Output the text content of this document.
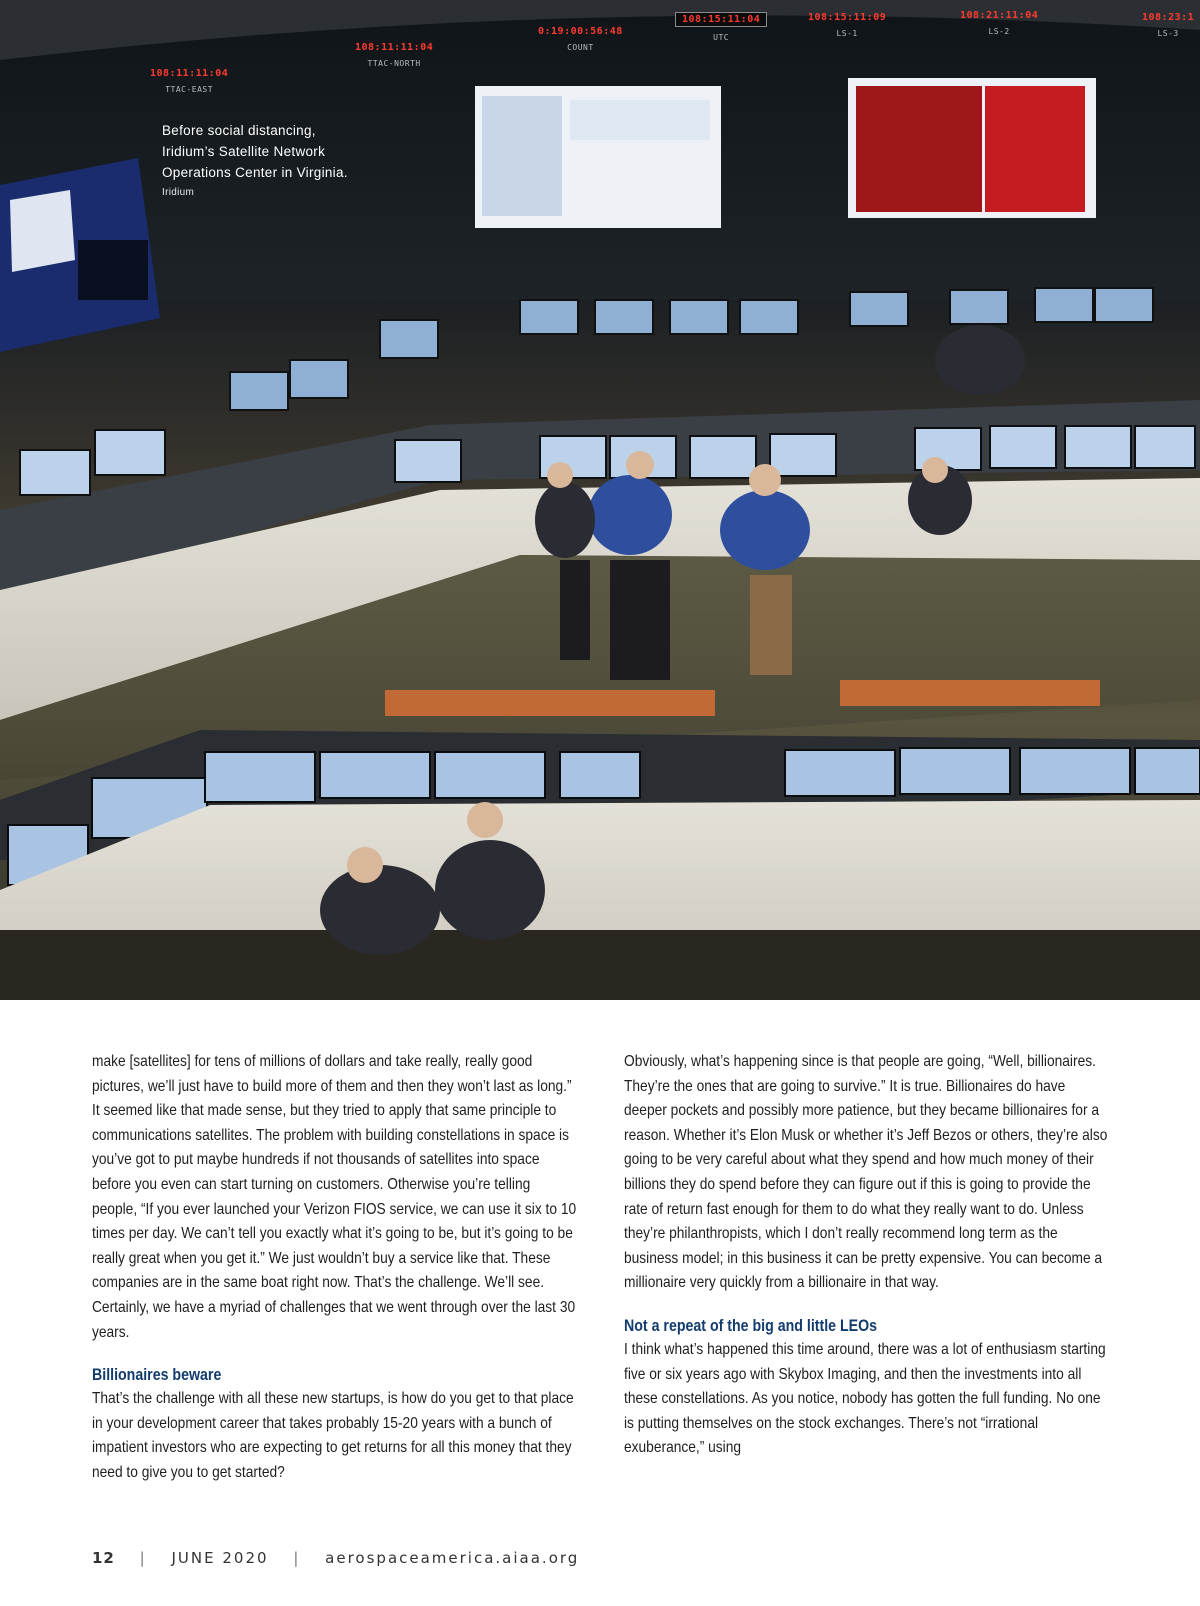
108:11:11:04
TTAC-EAST
108:11:11:04
TTAC-NORTH
0:19:00:56:48
COUNT
108:15:11:04
UTC
108:15:11:09
LS-1
108:21:11:04
LS-2
108:23:1
LS-3
Before social distancing, Iridium’s Satellite Network Operations Center in Virginia.
Iridium

make [satellites] for tens of millions of dollars and take really, really good pictures, we’ll just have to build more of them and then they won’t last as long.” It seemed like that made sense, but they tried to apply that same principle to communications satellites. The problem with building constellations in space is you’ve got to put maybe hundreds if not thousands of satellites into space before you even can start turning on customers. Otherwise you’re telling people, “If you ever launched your Verizon FIOS service, we can use it six to 10 times per day. We can’t tell you exactly what it’s going to be, but it’s going to be really great when you get it.” We just wouldn’t buy a service like that. These companies are in the same boat right now. That’s the challenge. We’ll see. Certainly, we have a myriad of challenges that we went through over the last 30 years.

Billionaires beware

That’s the challenge with all these new startups, is how do you get to that place in your development career that takes probably 15-20 years with a bunch of impatient investors who are expecting to get returns for all this money that they need to give you to get started?

Obviously, what’s happening since is that people are going, “Well, billionaires. They’re the ones that are going to survive.” It is true. Billionaires do have deeper pockets and possibly more patience, but they became billionaires for a reason. Whether it’s Elon Musk or whether it’s Jeff Bezos or others, they’re also going to be very careful about what they spend and how much money of their billions they do spend before they can figure out if this is going to provide the rate of return fast enough for them to do what they really want to do. Unless they’re philanthropists, which I don’t really recommend long term as the business model; in this business it can be pretty expensive. You can become a millionaire very quickly from a billionaire in that way.

Not a repeat of the big and little LEOs

I think what’s happened this time around, there was a lot of enthusiasm starting five or six years ago with Skybox Imaging, and then the investments into all these constellations. As you notice, nobody has gotten the full funding. No one is putting themselves on the stock exchanges. There’s not “irrational exuberance,” using

12 | JUNE 2020 | aerospaceamerica.aiaa.org
